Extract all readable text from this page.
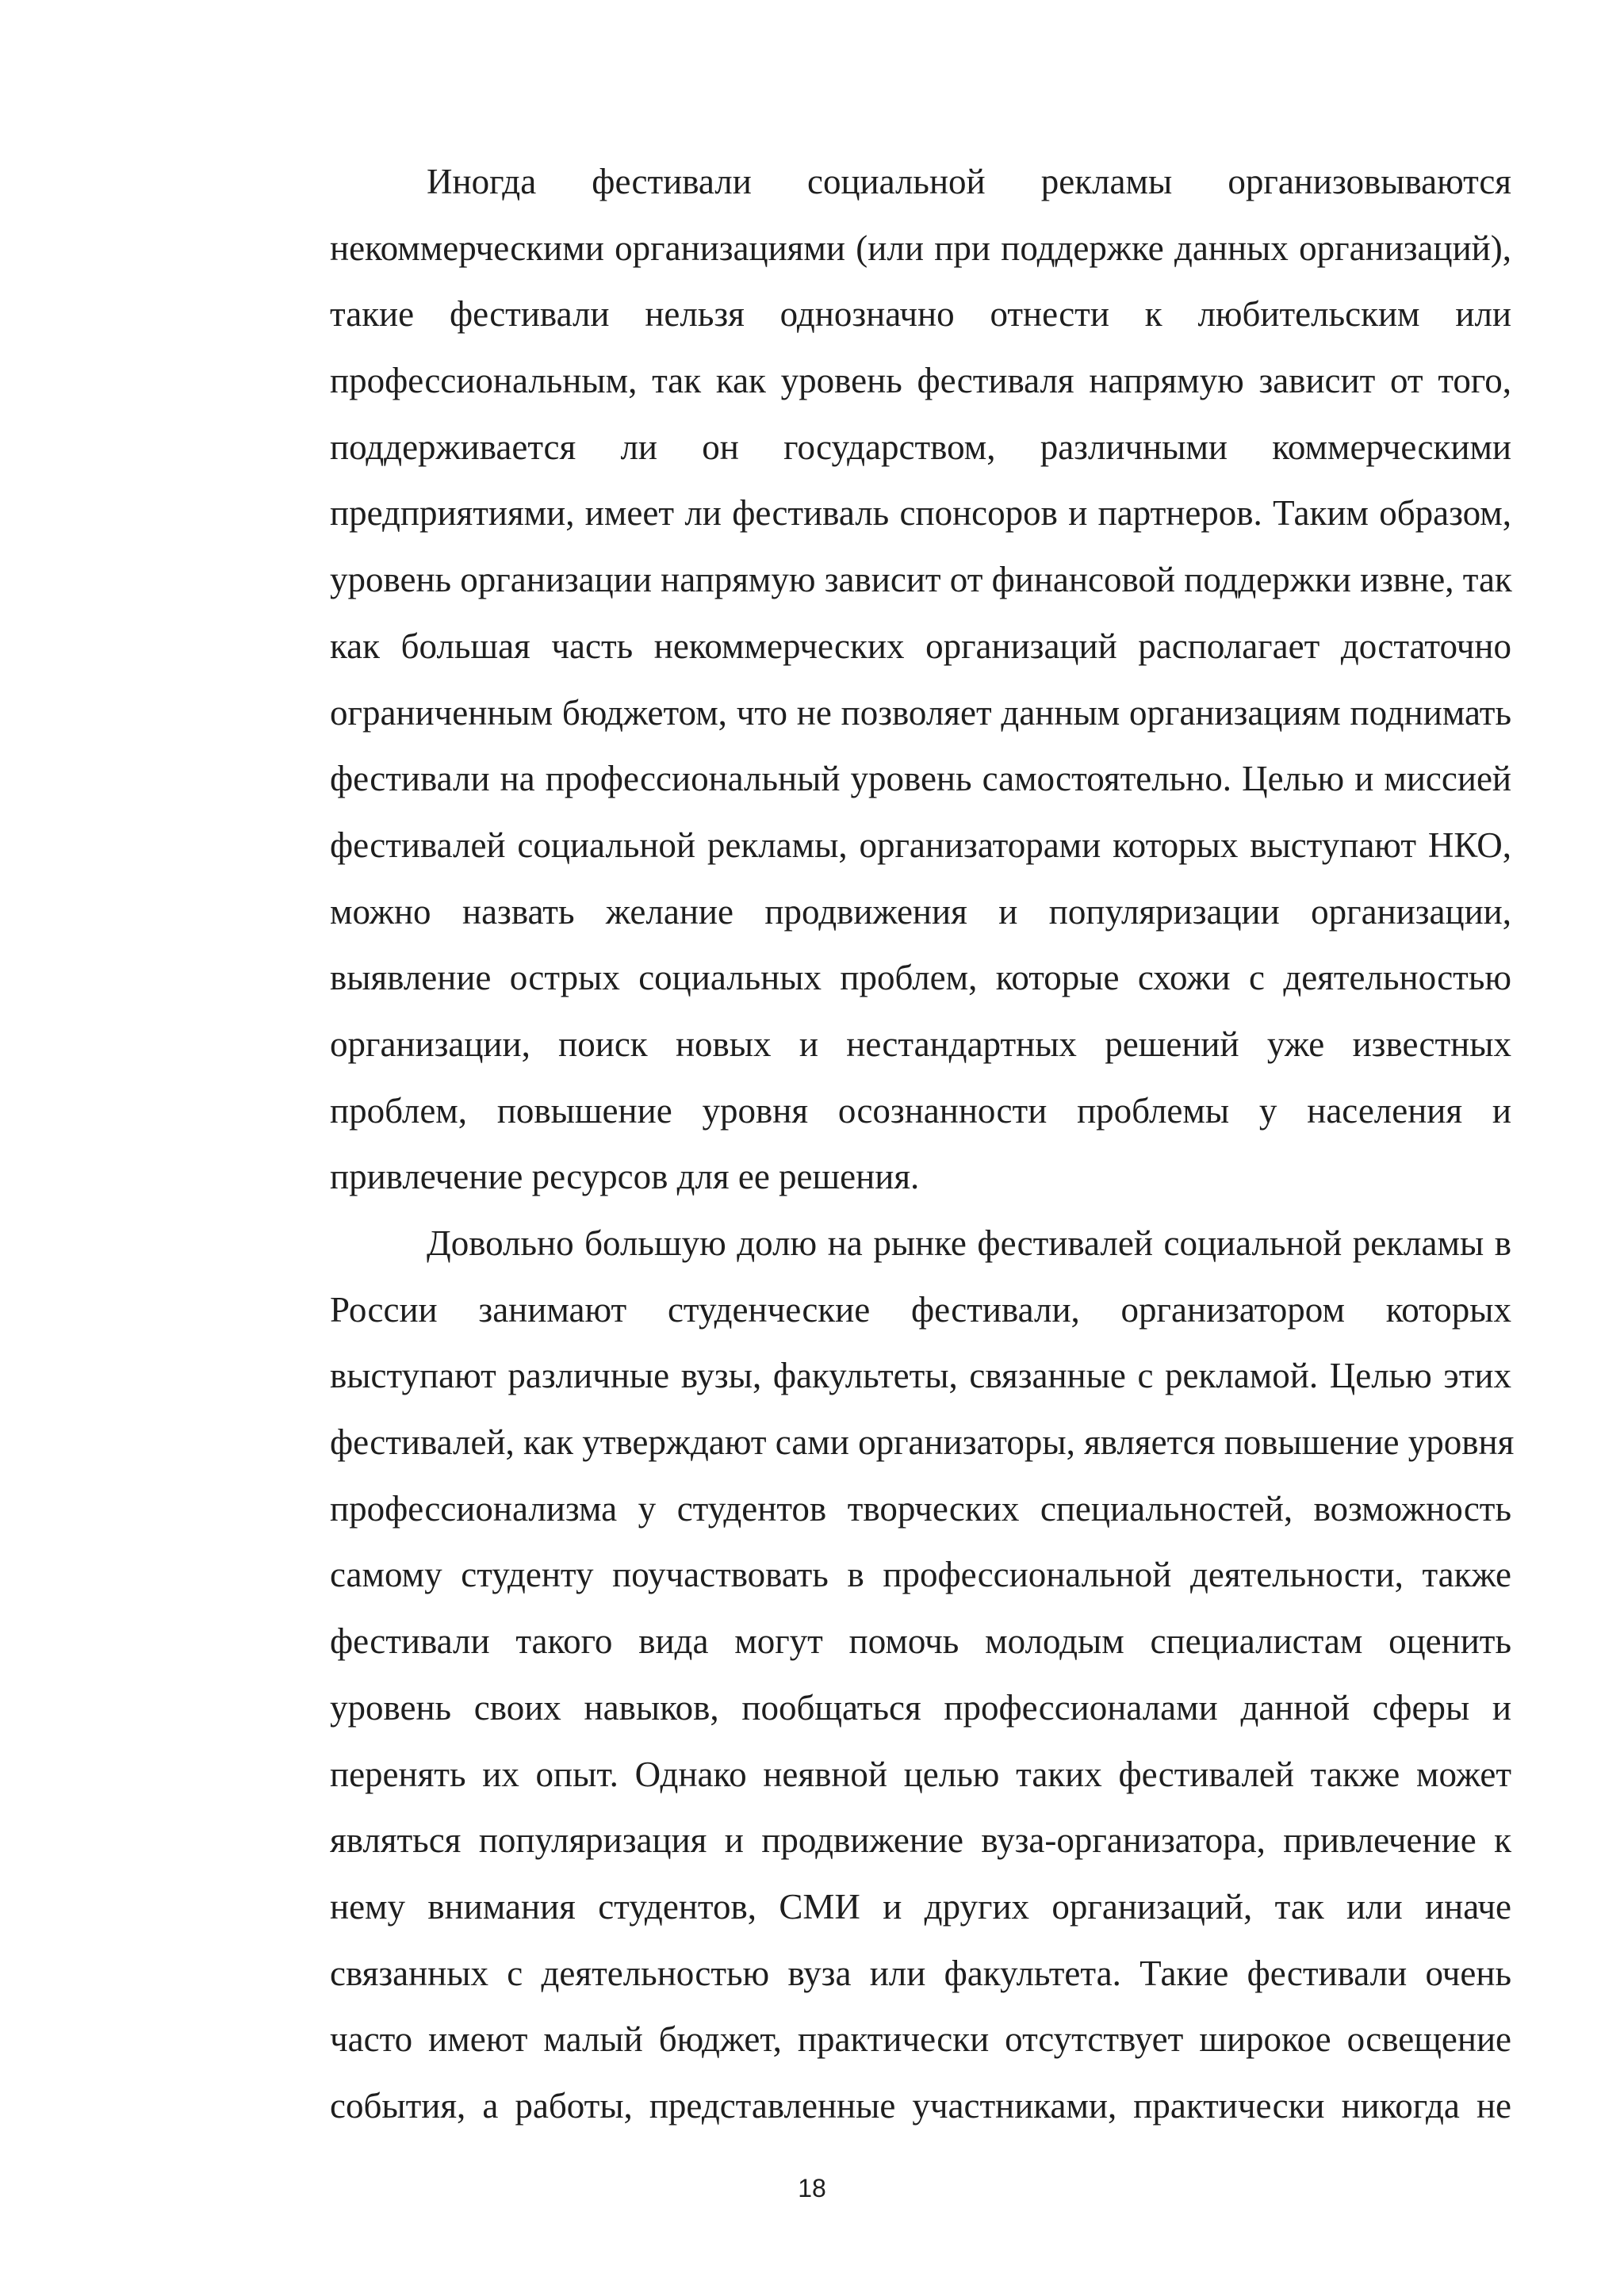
Иногда фестивали социальной рекламы организовываются
некоммерческими организациями (или при поддержке данных организаций),
такие фестивали нельзя однозначно отнести к любительским или
профессиональным, так как уровень фестиваля напрямую зависит от того,
поддерживается ли он государством, различными коммерческими
предприятиями, имеет ли фестиваль спонсоров и партнеров. Таким образом,
уровень организации напрямую зависит от финансовой поддержки извне, так
как большая часть некоммерческих организаций располагает достаточно
ограниченным бюджетом, что не позволяет данным организациям поднимать
фестивали на профессиональный уровень самостоятельно. Целью и миссией
фестивалей социальной рекламы, организаторами которых выступают НКО,
можно назвать желание продвижения и популяризации организации,
выявление острых социальных проблем, которые схожи с деятельностью
организации, поиск новых и нестандартных решений уже известных
проблем, повышение уровня осознанности проблемы у населения и
привлечение ресурсов для ее решения.
Довольно большую долю на рынке фестивалей социальной рекламы в
России занимают студенческие фестивали, организатором которых
выступают различные вузы, факультеты, связанные с рекламой. Целью этих
фестивалей, как утверждают сами организаторы, является повышение уровня
профессионализма у студентов творческих специальностей, возможность
самому студенту поучаствовать в профессиональной деятельности, также
фестивали такого вида могут помочь молодым специалистам оценить
уровень своих навыков, пообщаться профессионалами данной сферы и
перенять их опыт. Однако неявной целью таких фестивалей также может
являться популяризация и продвижение вуза-организатора, привлечение к
нему внимания студентов, СМИ и других организаций, так или иначе
связанных с деятельностью вуза или факультета. Такие фестивали очень
часто имеют малый бюджет, практически отсутствует широкое освещение
события, а работы, представленные участниками, практически никогда не
18
